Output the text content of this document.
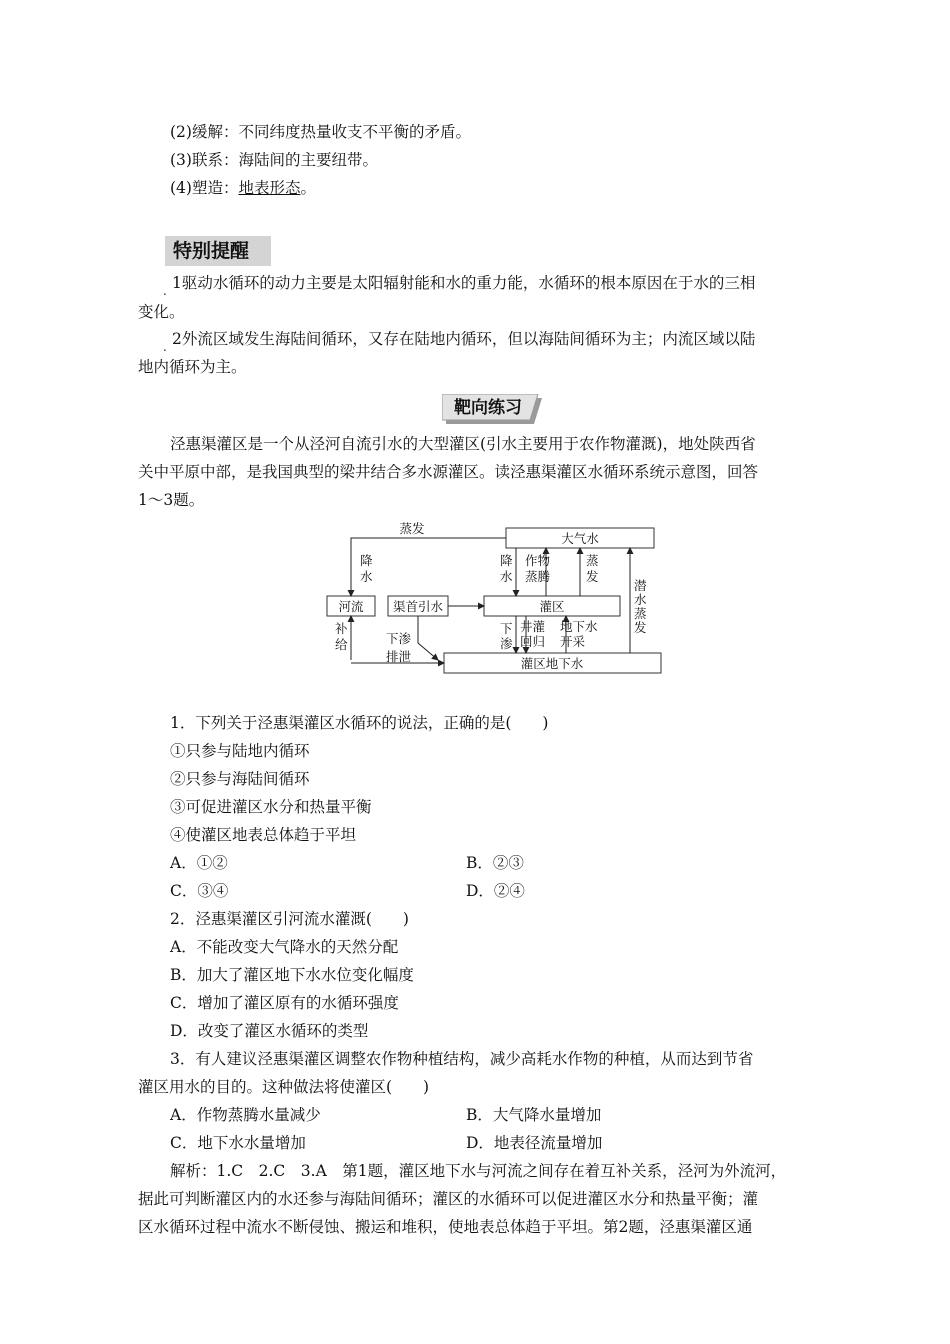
(2)缓解：不同纬度热量收支不平衡的矛盾。
(3)联系：海陆间的主要纽带。
(4)塑造：地表形态。
特别提醒
. 1驱动水循环的动力主要是太阳辐射能和水的重力能，水循环的根本原因在于水的三相
变化。
. 2外流区域发生海陆间循环，又存在陆地内循环，但以海陆间循环为主；内流区域以陆
地内循环为主。
靶向练习
泾惠渠灌区是一个从泾河自流引水的大型灌区(引水主要用于农作物灌溉)，地处陕西省
关中平原中部，是我国典型的梁井结合多水源灌区。读泾惠渠灌区水循环系统示意图，回答
1～3题。
大气水
河流 渠首引水	灌区
灌区地下水
蒸发
降
水
降
水
作物
蒸腾
蒸
发
潜
水
蒸
发
补
给	下渗
排泄
下
渗
井灌
回归
地下水
开采
1．下列关于泾惠渠灌区水循环的说法，正确的是(　　)
①只参与陆地内循环
②只参与海陆间循环
③可促进灌区水分和热量平衡
④使灌区地表总体趋于平坦
A．①②	B．②③
C．③④	D．②④
2．泾惠渠灌区引河流水灌溉(　　)
A．不能改变大气降水的天然分配
B．加大了灌区地下水水位变化幅度
C．增加了灌区原有的水循环强度
D．改变了灌区水循环的类型
3．有人建议泾惠渠灌区调整农作物种植结构，减少高耗水作物的种植，从而达到节省
灌区用水的目的。这种做法将使灌区(　　)
A．作物蒸腾水量减少	B．大气降水量增加
C．地下水水量增加	D．地表径流量增加
解析：1.C　2.C　3.A　第1题，灌区地下水与河流之间存在着互补关系，泾河为外流河，
据此可判断灌区内的水还参与海陆间循环；灌区的水循环可以促进灌区水分和热量平衡；灌
区水循环过程中流水不断侵蚀、搬运和堆积，使地表总体趋于平坦。第2题，泾惠渠灌区通
